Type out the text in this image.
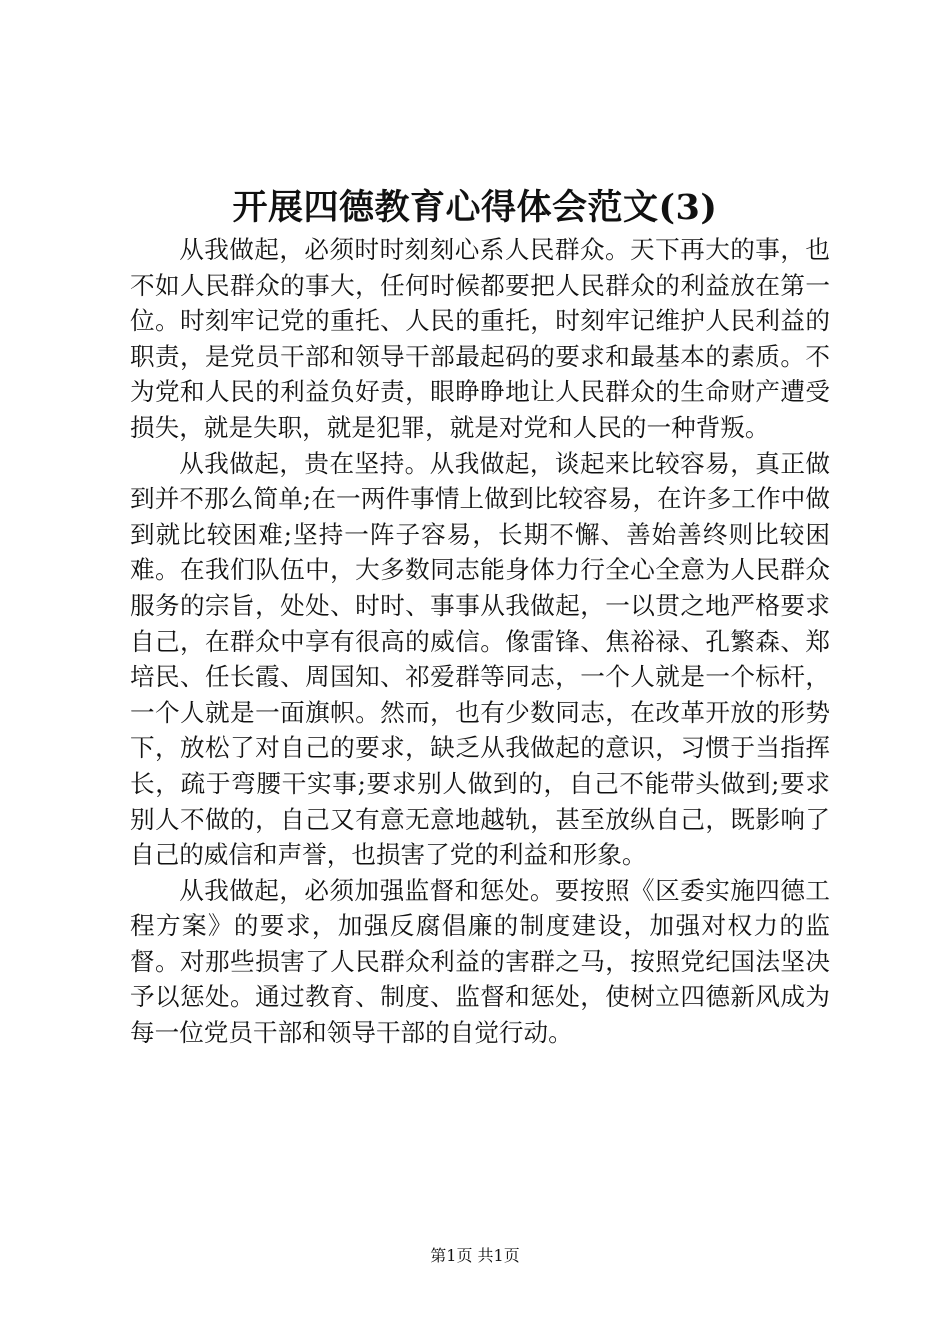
开展四德教育心得体会范文(3)

从我做起，必须时时刻刻心系人民群众。天下再大的事，也不如人民群众的事大，任何时候都要把人民群众的利益放在第一位。时刻牢记党的重托、人民的重托，时刻牢记维护人民利益的职责，是党员干部和领导干部最起码的要求和最基本的素质。不为党和人民的利益负好责，眼睁睁地让人民群众的生命财产遭受损失，就是失职，就是犯罪，就是对党和人民的一种背叛。

从我做起，贵在坚持。从我做起，谈起来比较容易，真正做到并不那么简单;在一两件事情上做到比较容易，在许多工作中做到就比较困难;坚持一阵子容易，长期不懈、善始善终则比较困难。在我们队伍中，大多数同志能身体力行全心全意为人民群众服务的宗旨，处处、时时、事事从我做起，一以贯之地严格要求自己，在群众中享有很高的威信。像雷锋、焦裕禄、孔繁森、郑培民、任长霞、周国知、祁爱群等同志，一个人就是一个标杆，一个人就是一面旗帜。然而，也有少数同志，在改革开放的形势下，放松了对自己的要求，缺乏从我做起的意识，习惯于当指挥长，疏于弯腰干实事;要求别人做到的，自己不能带头做到;要求别人不做的，自己又有意无意地越轨，甚至放纵自己，既影响了自己的威信和声誉，也损害了党的利益和形象。

从我做起，必须加强监督和惩处。要按照《区委实施四德工程方案》的要求，加强反腐倡廉的制度建设，加强对权力的监督。对那些损害了人民群众利益的害群之马，按照党纪国法坚决予以惩处。通过教育、制度、监督和惩处，使树立四德新风成为每一位党员干部和领导干部的自觉行动。

第1页 共1页
